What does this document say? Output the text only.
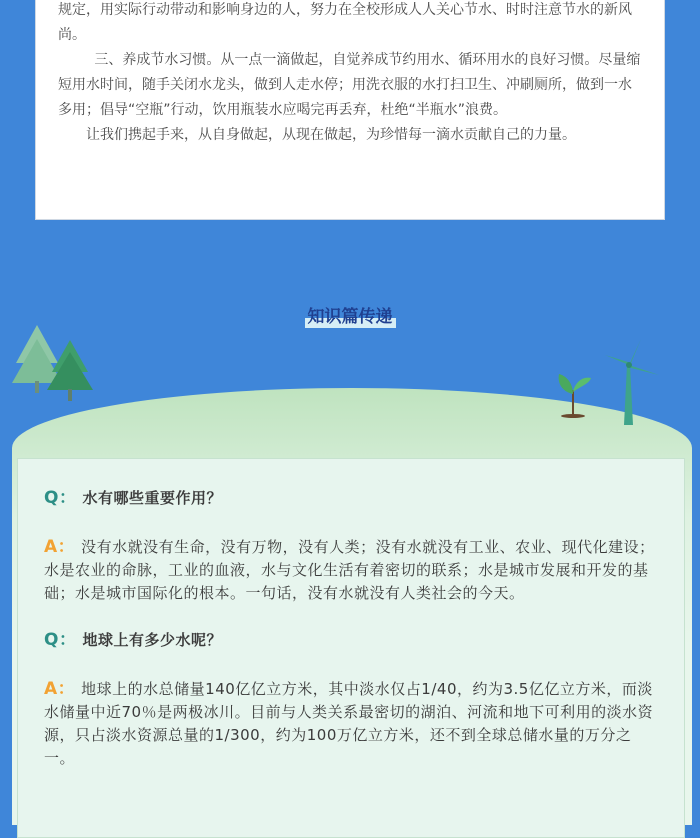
规定，用实际行动带动和影响身边的人，努力在全校形成人人关心节水、时时注意节水的新风尚。

三、养成节水习惯。从一点一滴做起，自觉养成节约用水、循环用水的良好习惯。尽量缩短用水时间，随手关闭水龙头，做到人走水停；用洗衣服的水打扫卫生、冲刷厕所，做到一水多用；倡导“空瓶”行动，饮用瓶装水应喝完再丢弃，杜绝“半瓶水”浪费。

让我们携起手来，从自身做起，从现在做起，为珍惜每一滴水贡献自己的力量。

知识篇传递

Q： 水有哪些重要作用？

A： 没有水就没有生命，没有万物，没有人类；没有水就没有工业、农业、现代化建设；水是农业的命脉，工业的血液，水与文化生活有着密切的联系；水是城市发展和开发的基础；水是城市国际化的根本。一句话，没有水就没有人类社会的今天。

Q： 地球上有多少水呢？

A： 地球上的水总储量140亿亿立方米，其中淡水仅占1/40，约为3.5亿亿立方米，而淡水储量中近70％是两极冰川。目前与人类关系最密切的湖泊、河流和地下可利用的淡水资源，只占淡水资源总量的1/300，约为100万亿立方米，还不到全球总储水量的万分之一。
